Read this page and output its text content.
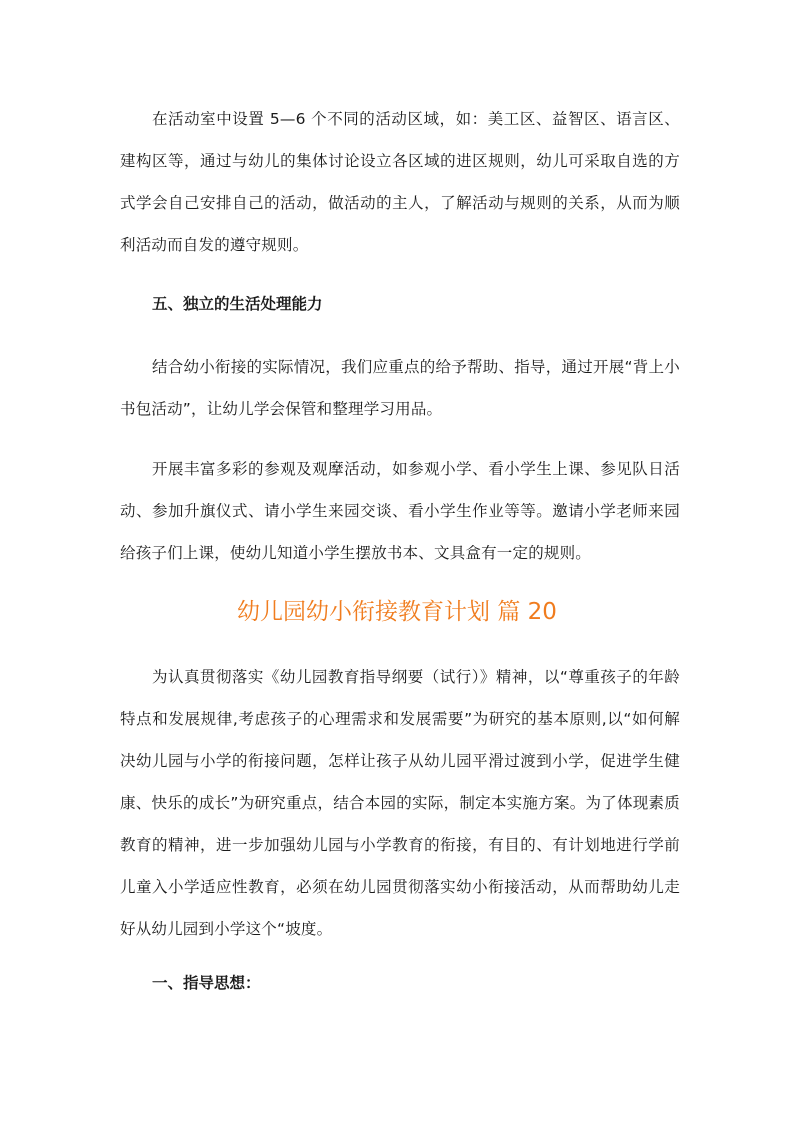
在活动室中设置 5—6 个不同的活动区域，如：美工区、益智区、语言区、建构区等，通过与幼儿的集体讨论设立各区域的进区规则，幼儿可采取自选的方式学会自己安排自己的活动，做活动的主人，了解活动与规则的关系，从而为顺利活动而自发的遵守规则。

五、独立的生活处理能力

结合幼小衔接的实际情况，我们应重点的给予帮助、指导，通过开展“背上小书包活动”，让幼儿学会保管和整理学习用品。

开展丰富多彩的参观及观摩活动，如参观小学、看小学生上课、参见队日活动、参加升旗仪式、请小学生来园交谈、看小学生作业等等。邀请小学老师来园给孩子们上课，使幼儿知道小学生摆放书本、文具盒有一定的规则。

幼儿园幼小衔接教育计划 篇 20

为认真贯彻落实《幼儿园教育指导纲要（试行）》精神，以“尊重孩子的年龄特点和发展规律,考虑孩子的心理需求和发展需要”为研究的基本原则,以“如何解决幼儿园与小学的衔接问题，怎样让孩子从幼儿园平滑过渡到小学，促进学生健康、快乐的成长”为研究重点，结合本园的实际，制定本实施方案。为了体现素质教育的精神，进一步加强幼儿园与小学教育的衔接，有目的、有计划地进行学前儿童入小学适应性教育，必须在幼儿园贯彻落实幼小衔接活动，从而帮助幼儿走好从幼儿园到小学这个“坡度。

一、指导思想：
